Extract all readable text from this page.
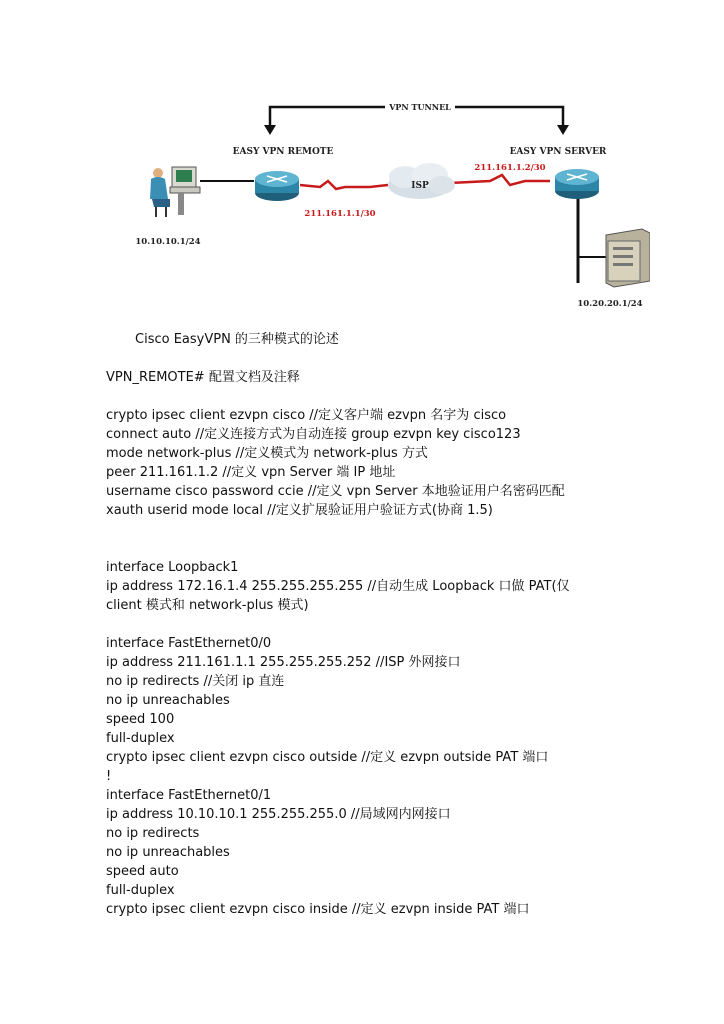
VPN TUNNEL
EASY VPN REMOTE	EASY VPN SERVER
ISP
211.161.1.1/30
211.161.1.2/30
10.10.10.1/24
10.20.20.1/24
Cisco EasyVPN 的三种模式的论述
VPN_REMOTE# 配置文档及注释
crypto ipsec client ezvpn cisco //定义客户端 ezvpn 名字为 cisco
connect auto //定义连接方式为自动连接 group ezvpn key cisco123
mode network-plus //定义模式为 network-plus 方式
peer 211.161.1.2 //定义 vpn Server 端 IP 地址
username cisco password ccie //定义 vpn Server 本地验证用户名密码匹配
xauth userid mode local //定义扩展验证用户验证方式(协商 1.5)
interface Loopback1
ip address 172.16.1.4 255.255.255.255 //自动生成 Loopback 口做 PAT(仅
client 模式和 network-plus 模式)
interface FastEthernet0/0
ip address 211.161.1.1 255.255.255.252 //ISP 外网接口
no ip redirects //关闭 ip 直连
no ip unreachables
speed 100
full-duplex
crypto ipsec client ezvpn cisco outside //定义 ezvpn outside PAT 端口
!
interface FastEthernet0/1
ip address 10.10.10.1 255.255.255.0 //局域网内网接口
no ip redirects
no ip unreachables
speed auto
full-duplex
crypto ipsec client ezvpn cisco inside //定义 ezvpn inside PAT 端口
